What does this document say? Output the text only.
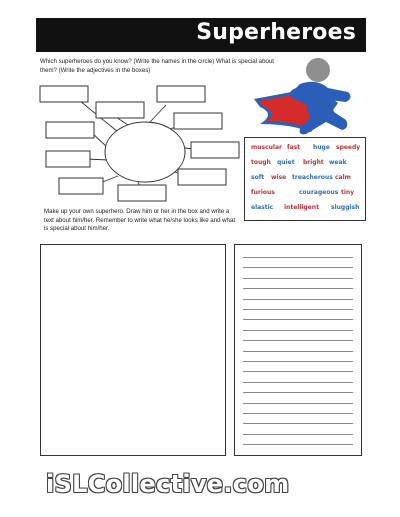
Superheroes
Which superheroes do you know? (Write the names in the circle) What is special about them? (Write the adjectives in the boxes)
muscular fast huge speedy
tough quiet bright weak
soft wise treacherous calm
furious	courageous tiny
elastic intelligent sluggish
Make up your own superhero. Draw him or her in the box and write a text about him/her. Remember to write what he/she looks like and what is special about him/her.
iSLCollective.com
